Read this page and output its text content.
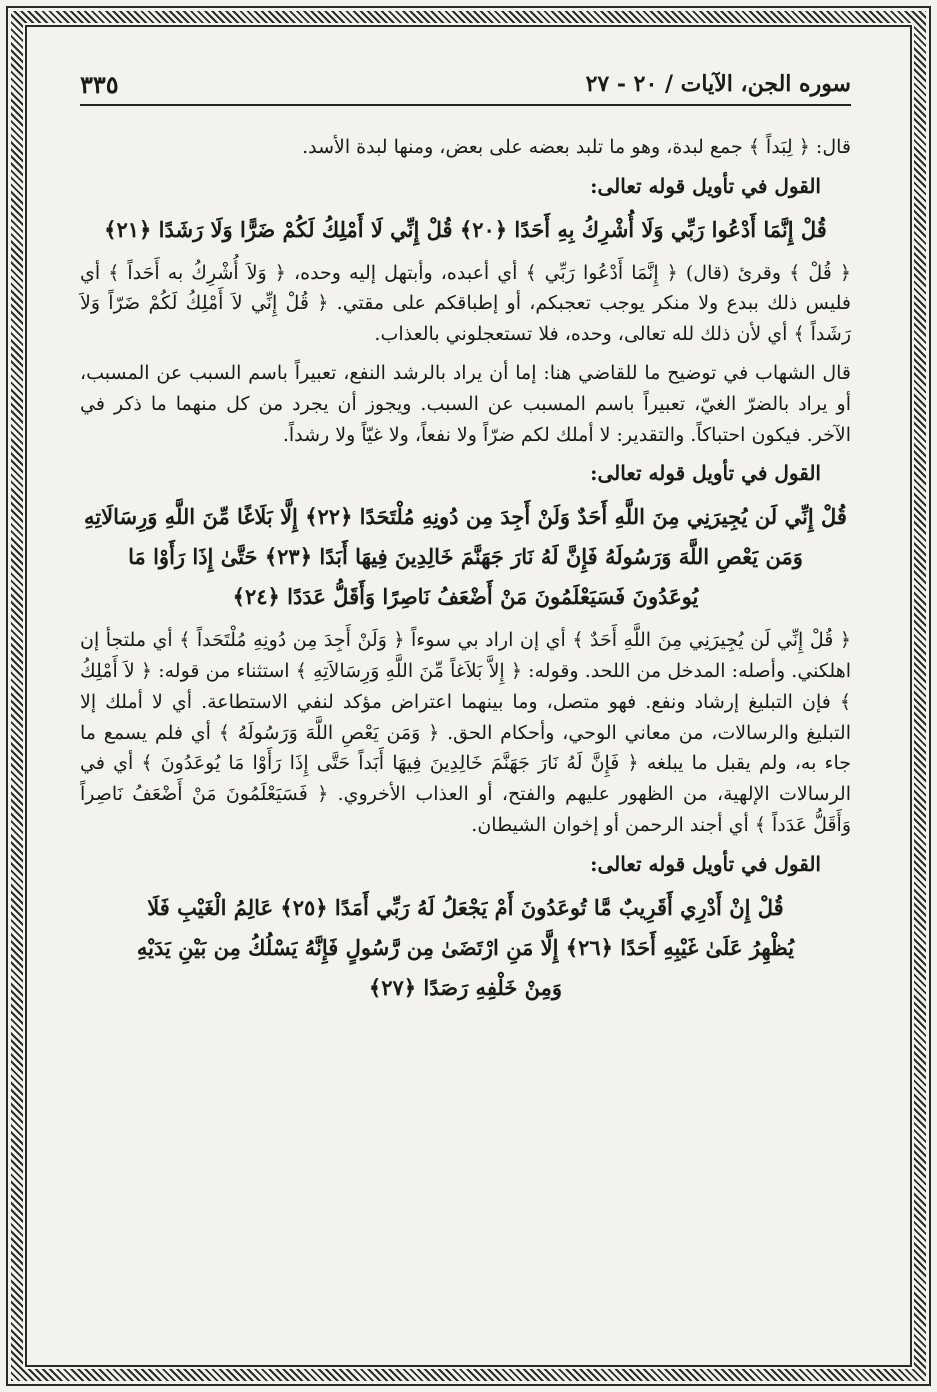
سوره الجن، الآيات / ٢٠ - ٢٧
٣٣٥

قال: ﴿ لِبَداً ﴾ جمع لبدة، وهو ما تلبد بعضه على بعض، ومنها لبدة الأسد.

القول في تأويل قوله تعالى:
قُلْ إِنَّمَا أَدْعُوا رَبِّي وَلَا أُشْرِكُ بِهِ أَحَدًا ﴿٢٠﴾ قُلْ إِنِّي لَا أَمْلِكُ لَكُمْ ضَرًّا وَلَا رَشَدًا ﴿٢١﴾

﴿ قُلْ ﴾ وقرئ (قال) ﴿ إِنَّمَا أَدْعُوا رَبِّي ﴾ أي أعبده، وأبتهل إليه وحده، ﴿ وَلاَ أُشْرِكُ به أَحَداً ﴾ أي فليس ذلك ببدع ولا منكر يوجب تعجبكم، أو إطباقكم على مقتي. ﴿ قُلْ إِنِّي لاَ أَمْلِكُ لَكُمْ ضَرّاً وَلاَ رَشَداً ﴾ أي لأن ذلك لله تعالى، وحده، فلا تستعجلوني بالعذاب.

قال الشهاب في توضيح ما للقاضي هنا: إما أن يراد بالرشد النفع، تعبيراً باسم السبب عن المسبب، أو يراد بالضرّ الغيّ، تعبيراً باسم المسبب عن السبب. ويجوز أن يجرد من كل منهما ما ذكر في الآخر. فيكون احتباكاً. والتقدير: لا أملك لكم ضرّاً ولا نفعاً، ولا غيّاً ولا رشداً.

القول في تأويل قوله تعالى:
قُلْ إِنِّي لَن يُجِيرَنِي مِنَ اللَّهِ أَحَدٌ وَلَنْ أَجِدَ مِن دُونِهِ مُلْتَحَدًا ﴿٢٢﴾ إِلَّا بَلَاغًا مِّنَ اللَّهِ وَرِسَالَاتِهِ
وَمَن يَعْصِ اللَّهَ وَرَسُولَهُ فَإِنَّ لَهُ نَارَ جَهَنَّمَ خَالِدِينَ فِيهَا أَبَدًا ﴿٢٣﴾ حَتَّىٰ إِذَا رَأَوْا مَا
يُوعَدُونَ فَسَيَعْلَمُونَ مَنْ أَضْعَفُ نَاصِرًا وَأَقَلُّ عَدَدًا ﴿٢٤﴾

﴿ قُلْ إِنِّي لَن يُجِيرَنِي مِنَ اللَّهِ أَحَدٌ ﴾ أي إن اراد بي سوءاً ﴿ وَلَنْ أَجِدَ مِن دُونِهِ مُلْتَحَداً ﴾ أي ملتجأ إن اهلكني. وأصله: المدخل من اللحد. وقوله: ﴿ إِلاَّ بَلاَغاً مِّنَ اللَّهِ وَرِسَالاَتِهِ ﴾ استثناء من قوله: ﴿ لاَ أَمْلِكُ ﴾ فإن التبليغ إرشاد ونفع. فهو متصل، وما بينهما اعتراض مؤكد لنفي الاستطاعة. أي لا أملك إلا التبليغ والرسالات، من معاني الوحي، وأحكام الحق. ﴿ وَمَن يَعْصِ اللَّهَ وَرَسُولَهُ ﴾ أي فلم يسمع ما جاء به، ولم يقبل ما يبلغه ﴿ فَإِنَّ لَهُ نَارَ جَهَنَّمَ خَالِدِينَ فِيهَا أَبَداً حَتَّى إِذَا رَأَوْا مَا يُوعَدُونَ ﴾ أي في الرسالات الإلهية، من الظهور عليهم والفتح، أو العذاب الأخروي. ﴿ فَسَيَعْلَمُونَ مَنْ أَضْعَفُ نَاصِراً وَأَقَلُّ عَدَداً ﴾ أي أجند الرحمن أو إخوان الشيطان.

القول في تأويل قوله تعالى:
قُلْ إِنْ أَدْرِي أَقَرِيبٌ مَّا تُوعَدُونَ أَمْ يَجْعَلُ لَهُ رَبِّي أَمَدًا ﴿٢٥﴾ عَالِمُ الْغَيْبِ فَلَا
يُظْهِرُ عَلَىٰ غَيْبِهِ أَحَدًا ﴿٢٦﴾ إِلَّا مَنِ ارْتَضَىٰ مِن رَّسُولٍ فَإِنَّهُ يَسْلُكُ مِن بَيْنِ يَدَيْهِ
وَمِنْ خَلْفِهِ رَصَدًا ﴿٢٧﴾
